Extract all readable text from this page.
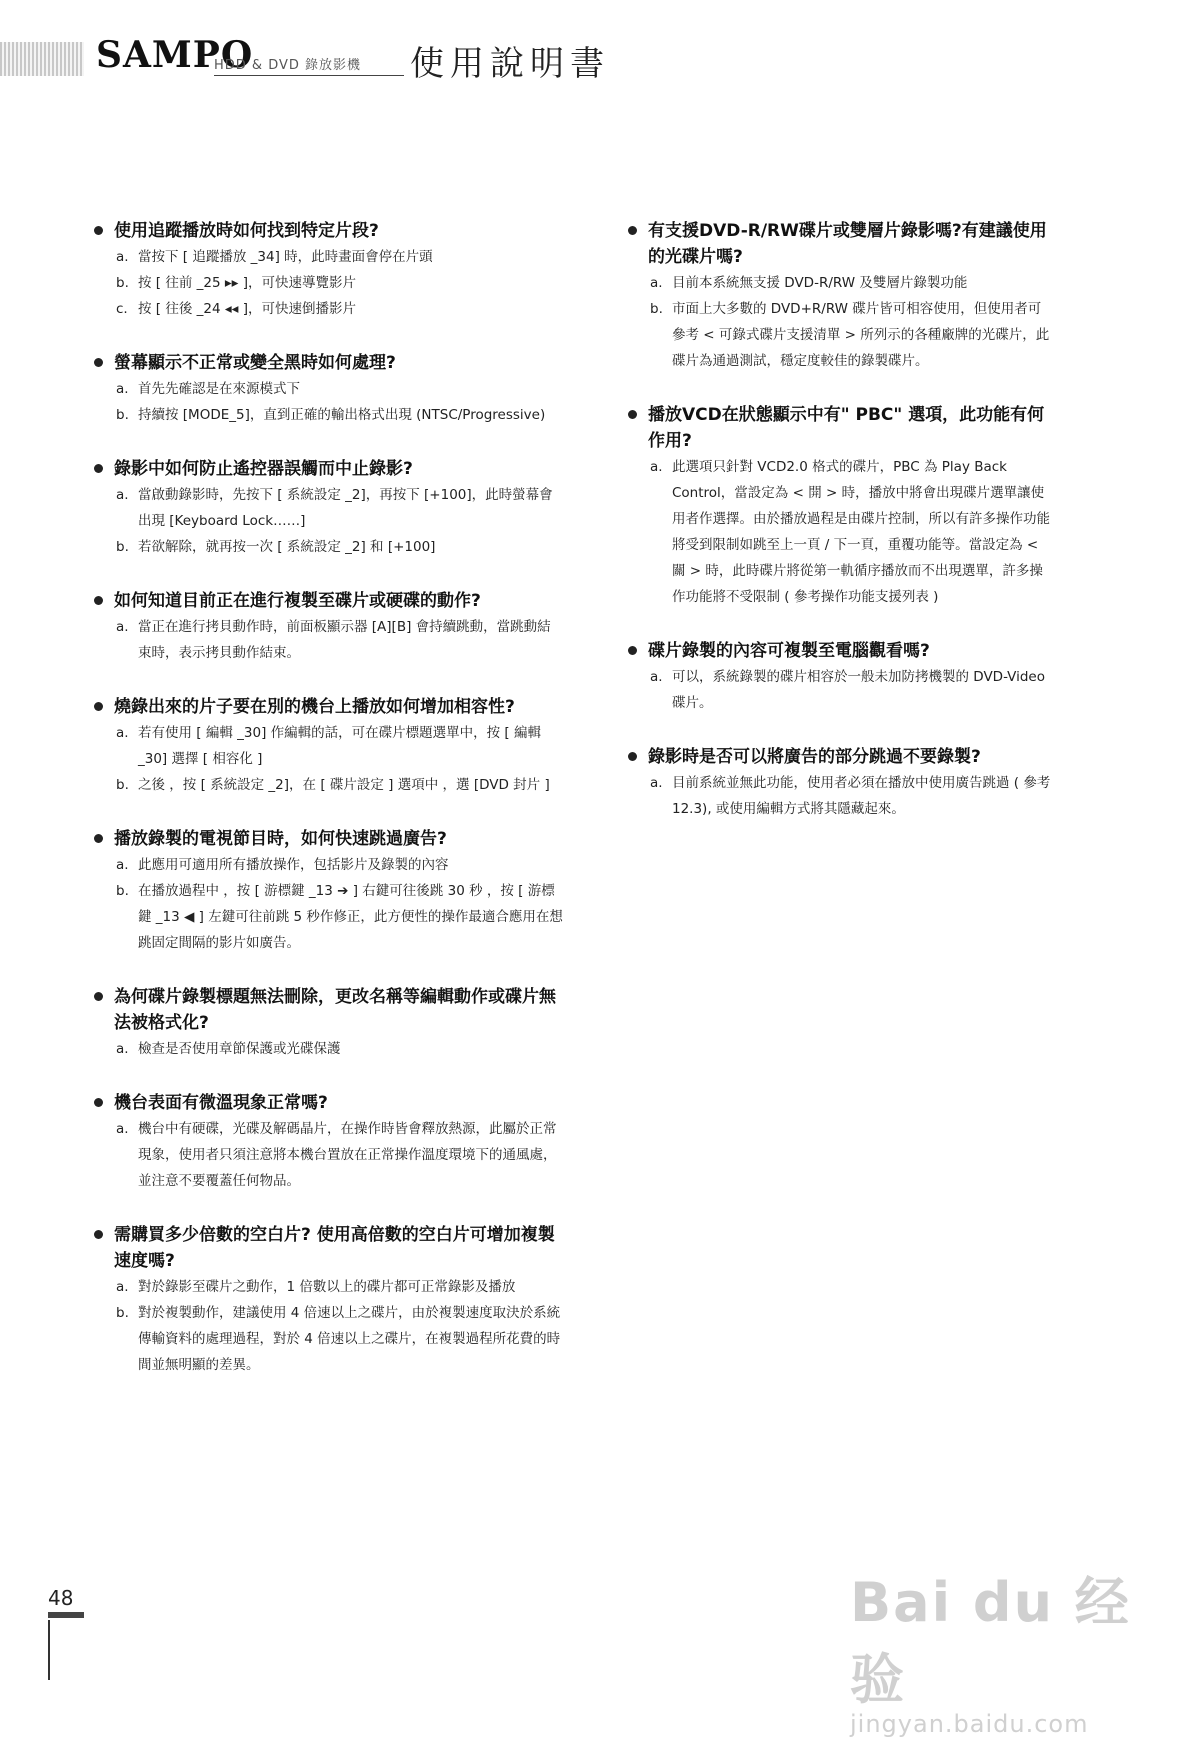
SAMPO
HDD & DVD 錄放影機	使用說明書
使用追蹤播放時如何找到特定片段?
a. 當按下 [ 追蹤播放 _34] 時，此時畫面會停在片頭
b. 按 [ 往前 _25 ▸▸ ]，可快速導覽影片
c. 按 [ 往後 _24 ◂◂ ]，可快速倒播影片
螢幕顯示不正常或變全黑時如何處理?
a. 首先先確認是在來源模式下
b. 持續按 [MODE_5]，直到正確的輸出格式出現 (NTSC/Progressive)
錄影中如何防止遙控器誤觸而中止錄影?
a. 當啟動錄影時，先按下 [ 系統設定 _2]，再按下 [+100]，此時螢幕會出現 [Keyboard Lock……]
b. 若欲解除，就再按一次 [ 系統設定 _2] 和 [+100]
如何知道目前正在進行複製至碟片或硬碟的動作?
a. 當正在進行拷貝動作時，前面板顯示器 [A][B] 會持續跳動，當跳動結束時，表示拷貝動作結束。
燒錄出來的片子要在別的機台上播放如何增加相容性?
a. 若有使用 [ 編輯 _30] 作編輯的話，可在碟片標題選單中，按 [ 編輯 _30] 選擇 [ 相容化 ]
b. 之後 ，按 [ 系統設定 _2]，在 [ 碟片設定 ] 選項中 ，選 [DVD 封片 ]
播放錄製的電視節目時，如何快速跳過廣告?
a. 此應用可適用所有播放操作，包括影片及錄製的內容
b. 在播放過程中 ，按 [ 游標鍵 _13 ➔ ] 右鍵可往後跳 30 秒 ，按 [ 游標鍵 _13 ◀ ] 左鍵可往前跳 5 秒作修正，此方便性的操作最適合應用在想跳固定間隔的影片如廣告。
為何碟片錄製標題無法刪除，更改名稱等編輯動作或碟片無法被格式化?
a. 檢查是否使用章節保護或光碟保護
機台表面有微溫現象正常嗎?
a. 機台中有硬碟，光碟及解碼晶片，在操作時皆會釋放熱源，此屬於正常現象，使用者只須注意將本機台置放在正常操作溫度環境下的通風處，並注意不要覆蓋任何物品。
需購買多少倍數的空白片? 使用高倍數的空白片可增加複製速度嗎?
a. 對於錄影至碟片之動作，1 倍數以上的碟片都可正常錄影及播放
b. 對於複製動作，建議使用 4 倍速以上之碟片，由於複製速度取決於系統傳輸資料的處理過程，對於 4 倍速以上之碟片，在複製過程所花費的時間並無明顯的差異。
有支援DVD-R/RW碟片或雙層片錄影嗎?有建議使用的光碟片嗎?
a. 目前本系統無支援 DVD-R/RW 及雙層片錄製功能
b. 市面上大多數的 DVD+R/RW 碟片皆可相容使用，但使用者可參考 < 可錄式碟片支援清單 > 所列示的各種廠牌的光碟片，此碟片為通過測試，穩定度較佳的錄製碟片。
播放VCD在狀態顯示中有" PBC" 選項，此功能有何作用?
a. 此選項只針對 VCD2.0 格式的碟片，PBC 為 Play Back Control，當設定為 < 開 > 時，播放中將會出現碟片選單讓使用者作選擇。由於播放過程是由碟片控制，所以有許多操作功能將受到限制如跳至上一頁 / 下一頁，重覆功能等。當設定為 < 關 > 時，此時碟片將從第一軌循序播放而不出現選單，許多操作功能將不受限制 ( 參考操作功能支援列表 )
碟片錄製的內容可複製至電腦觀看嗎?
a. 可以，系統錄製的碟片相容於一般未加防拷機製的 DVD-Video 碟片。
錄影時是否可以將廣告的部分跳過不要錄製?
a. 目前系統並無此功能，使用者必須在播放中使用廣告跳過 ( 參考 12.3), 或使用編輯方式將其隱藏起來。
48	Bai du 经验
jingyan.baidu.com
